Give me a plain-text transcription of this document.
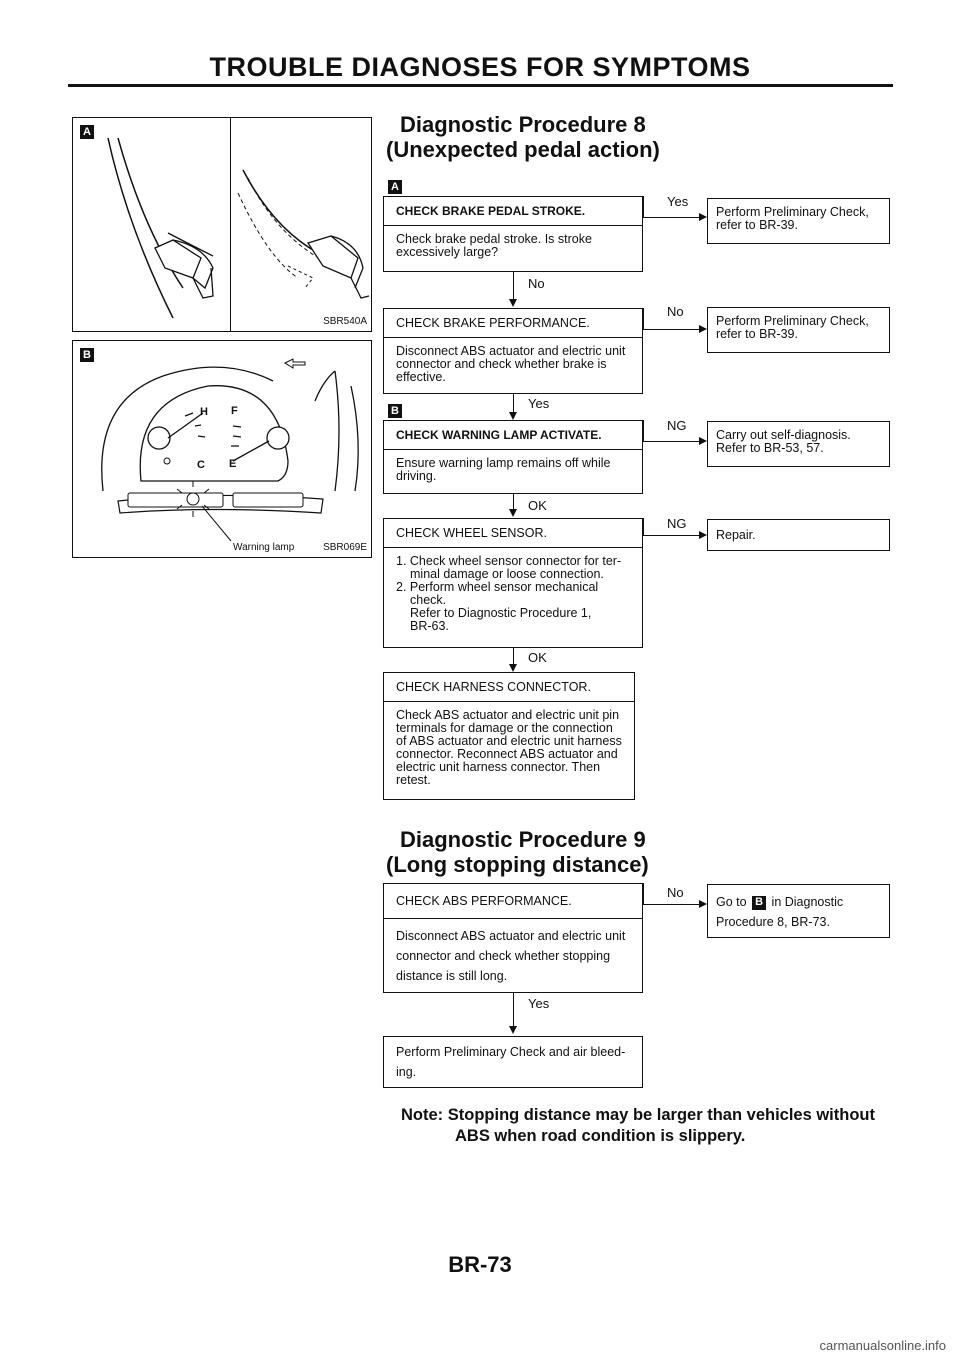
TROUBLE DIAGNOSES FOR SYMPTOMS
A
SBR540A
B
H
C
F
E
Warning lamp	SBR069E
Diagnostic Procedure 8
(Unexpected pedal action)
A
CHECK BRAKE PEDAL STROKE.
Check brake pedal stroke. Is stroke excessively large?
Yes
Perform Preliminary Check, refer to BR-39.
No
CHECK BRAKE PERFORMANCE.
Disconnect ABS actuator and electric unit connector and check whether brake is effective.
No
Perform Preliminary Check, refer to BR-39.
Yes
B
CHECK WARNING LAMP ACTIVATE.
Ensure warning lamp remains off while driving.
NG
Carry out self-diagnosis. Refer to BR-53, 57.
OK
CHECK WHEEL SENSOR.
1. Check wheel sensor connector for ter-
minal damage or loose connection.
2. Perform wheel sensor mechanical
check.
Refer to Diagnostic Procedure 1,
BR-63.
NG
Repair.
OK
CHECK HARNESS CONNECTOR.
Check ABS actuator and electric unit pin terminals for damage or the connection of ABS actuator and electric unit harness connector. Reconnect ABS actuator and electric unit harness connector. Then retest.
Diagnostic Procedure 9
(Long stopping distance)
CHECK ABS PERFORMANCE.
Disconnect ABS actuator and electric unit connector and check whether stopping distance is still long.
No
Go to B in Diagnostic
Procedure 8, BR-73.
Yes
Perform Preliminary Check and air bleed-ing.
Note: Stopping distance may be larger than vehicles without
ABS when road condition is slippery.
BR-73
carmanualsonline.info
